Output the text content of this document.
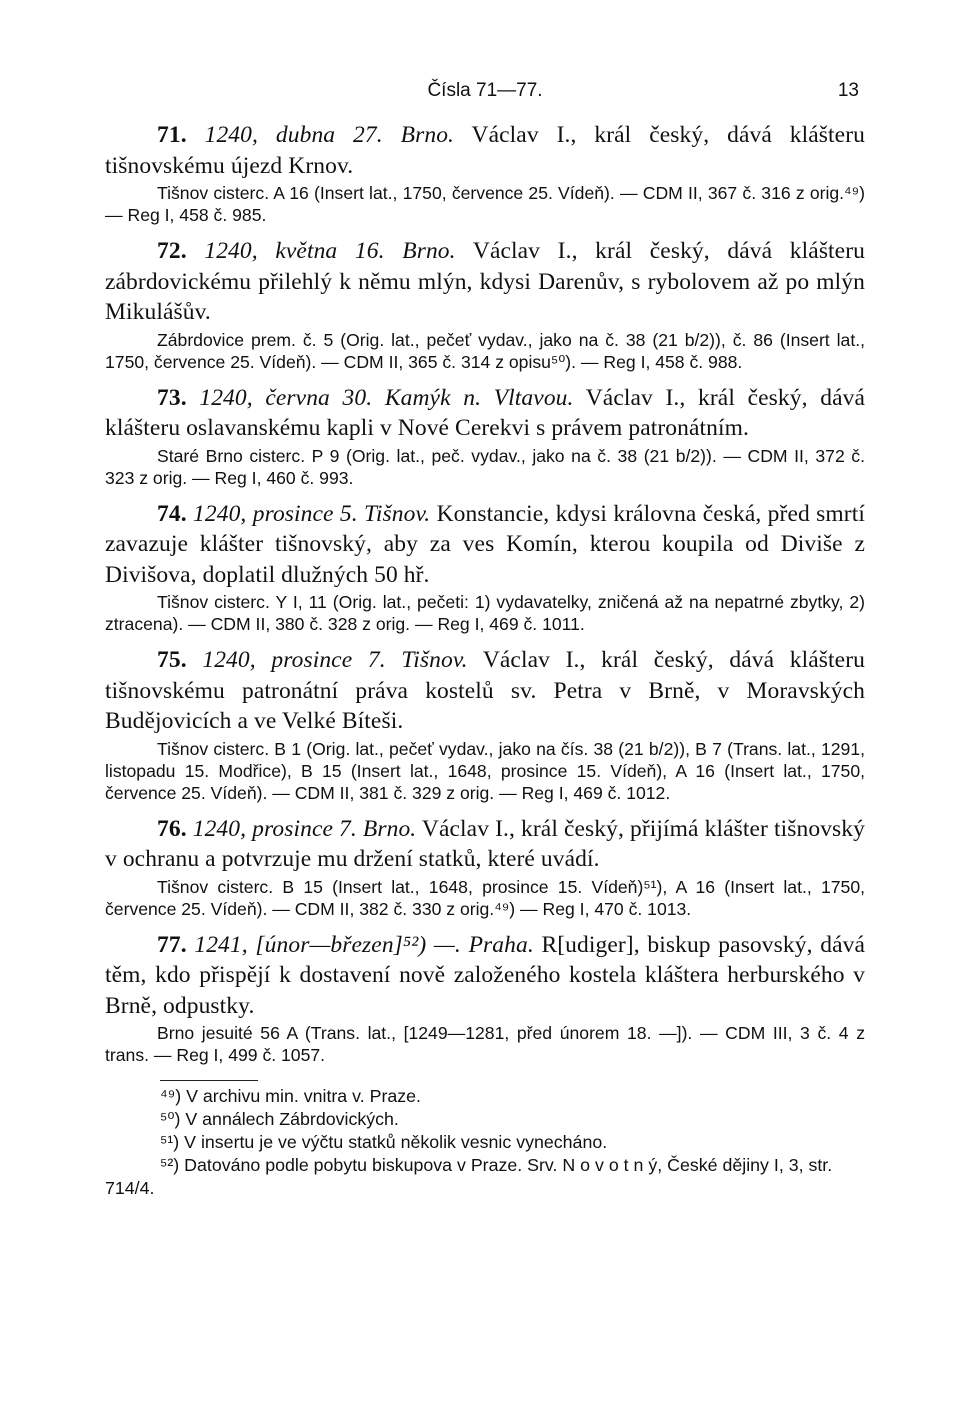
Čísla 71—77.	13
71. 1240, dubna 27. Brno. Václav I., král český, dává klášteru tišnovskému újezd Krnov.
Tišnov cisterc. A 16 (Insert lat., 1750, července 25. Vídeň). — CDM II, 367 č. 316 z orig.⁴⁹) — Reg I, 458 č. 985.
72. 1240, května 16. Brno. Václav I., král český, dává klášteru zábrdovickému přilehlý k němu mlýn, kdysi Darenův, s rybolovem až po mlýn Mikulášův.
Zábrdovice prem. č. 5 (Orig. lat., pečeť vydav., jako na č. 38 (21 b/2)), č. 86 (Insert lat., 1750, července 25. Vídeň). — CDM II, 365 č. 314 z opisu⁵⁰). — Reg I, 458 č. 988.
73. 1240, června 30. Kamýk n. Vltavou. Václav I., král český, dává klášteru oslavanskému kapli v Nové Cerekvi s právem patronátním.
Staré Brno cisterc. P 9 (Orig. lat., peč. vydav., jako na č. 38 (21 b/2)). — CDM II, 372 č. 323 z orig. — Reg I, 460 č. 993.
74. 1240, prosince 5. Tišnov. Konstancie, kdysi královna česká, před smrtí zavazuje klášter tišnovský, aby za ves Komín, kterou koupila od Diviše z Divišova, doplatil dlužných 50 hř.
Tišnov cisterc. Y I, 11 (Orig. lat., pečeti: 1) vydavatelky, zničená až na nepatrné zbytky, 2) ztracena). — CDM II, 380 č. 328 z orig. — Reg I, 469 č. 1011.
75. 1240, prosince 7. Tišnov. Václav I., král český, dává klášteru tišnovskému patronátní práva kostelů sv. Petra v Brně, v Moravských Budějovicích a ve Velké Bíteši.
Tišnov cisterc. B 1 (Orig. lat., pečeť vydav., jako na čís. 38 (21 b/2)), B 7 (Trans. lat., 1291, listopadu 15. Modřice), B 15 (Insert lat., 1648, prosince 15. Vídeň), A 16 (Insert lat., 1750, července 25. Vídeň). — CDM II, 381 č. 329 z orig. — Reg I, 469 č. 1012.
76. 1240, prosince 7. Brno. Václav I., král český, přijímá klášter tišnovský v ochranu a potvrzuje mu držení statků, které uvádí.
Tišnov cisterc. B 15 (Insert lat., 1648, prosince 15. Vídeň)⁵¹), A 16 (Insert lat., 1750, července 25. Vídeň). — CDM II, 382 č. 330 z orig.⁴⁹) — Reg I, 470 č. 1013.
77. 1241, [únor—březen]⁵²) —. Praha. R[udiger], biskup pasovský, dává těm, kdo přispějí k dostavení nově založeného kostela kláštera herburského v Brně, odpustky.
Brno jesuité 56 A (Trans. lat., [1249—1281, před únorem 18. —]). — CDM III, 3 č. 4 z trans. — Reg I, 499 č. 1057.
⁴⁹) V archivu min. vnitra v. Praze.
⁵⁰) V annálech Zábrdovických.
⁵¹) V insertu je ve výčtu statků několik vesnic vynecháno.
⁵²) Datováno podle pobytu biskupova v Praze. Srv. N o v o t n ý, České dějiny I, 3, str. 714/4.
